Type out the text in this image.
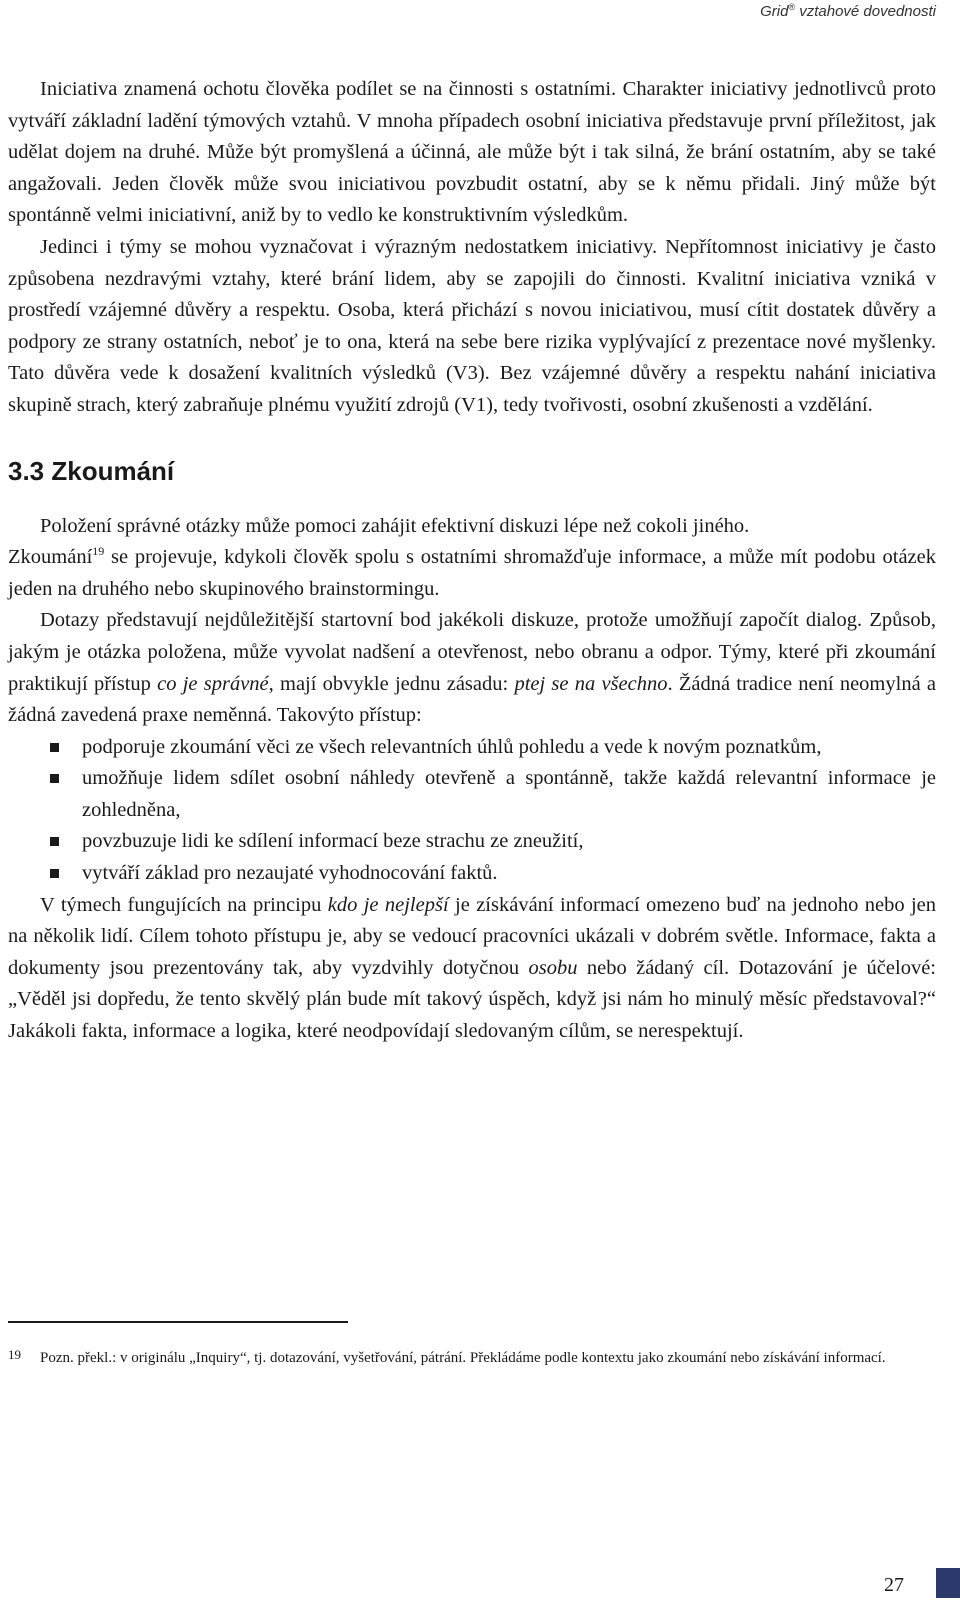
Grid® vztahové dovednosti

Iniciativa znamená ochotu člověka podílet se na činnosti s ostatními. Charakter iniciativy jednotlivců proto vytváří základní ladění týmových vztahů. V mnoha případech osobní iniciativa představuje první příležitost, jak udělat dojem na druhé. Může být promyšlená a účinná, ale může být i tak silná, že brání ostatním, aby se také angažovali. Jeden člověk může svou iniciativou povzbudit ostatní, aby se k němu přidali. Jiný může být spontánně velmi iniciativní, aniž by to vedlo ke konstruktivním výsledkům.

Jedinci i týmy se mohou vyznačovat i výrazným nedostatkem iniciativy. Nepřítomnost iniciativy je často způsobena nezdravými vztahy, které brání lidem, aby se zapojili do činnosti. Kvalitní iniciativa vzniká v prostředí vzájemné důvěry a respektu. Osoba, která přichází s novou iniciativou, musí cítit dostatek důvěry a podpory ze strany ostatních, neboť je to ona, která na sebe bere rizika vyplývající z prezentace nové myšlenky. Tato důvěra vede k dosažení kvalitních výsledků (V3). Bez vzájemné důvěry a respektu nahání iniciativa skupině strach, který zabraňuje plnému využití zdrojů (V1), tedy tvořivosti, osobní zkušenosti a vzdělání.

3.3 Zkoumání

Položení správné otázky může pomoci zahájit efektivní diskuzi lépe než cokoli jiného.

Zkoumání$^{19}$ se projevuje, kdykoli člověk spolu s ostatními shromažďuje informace, a může mít podobu otázek jeden na druhého nebo skupinového brainstormingu.

Dotazy představují nejdůležitější startovní bod jakékoli diskuze, protože umožňují započít dialog. Způsob, jakým je otázka položena, může vyvolat nadšení a otevřenost, nebo obranu a odpor. Týmy, které při zkoumání praktikují přístup co je správné, mají obvykle jednu zásadu: ptej se na všechno. Žádná tradice není neomylná a žádná zavedená praxe neměnná. Takovýto přístup:

podporuje zkoumání věci ze všech relevantních úhlů pohledu a vede k novým poznatkům,
umožňuje lidem sdílet osobní náhledy otevřeně a spontánně, takže každá relevantní informace je zohledněna,
povzbuzuje lidi ke sdílení informací beze strachu ze zneužití,
vytváří základ pro nezaujaté vyhodnocování faktů.

V týmech fungujících na principu kdo je nejlepší je získávání informací omezeno buď na jednoho nebo jen na několik lidí. Cílem tohoto přístupu je, aby se vedoucí pracovníci ukázali v dobrém světle. Informace, fakta a dokumenty jsou prezentovány tak, aby vyzdvihly dotyčnou osobu nebo žádaný cíl. Dotazování je účelové: „Věděl jsi dopředu, že tento skvělý plán bude mít takový úspěch, když jsi nám ho minulý měsíc představoval?“ Jakákoli fakta, informace a logika, které neodpovídají sledovaným cílům, se nerespektují.

19 Pozn. překl.: v originálu „Inquiry“, tj. dotazování, vyšetřování, pátrání. Překládáme podle kontextu jako zkoumání nebo získávání informací.
27
